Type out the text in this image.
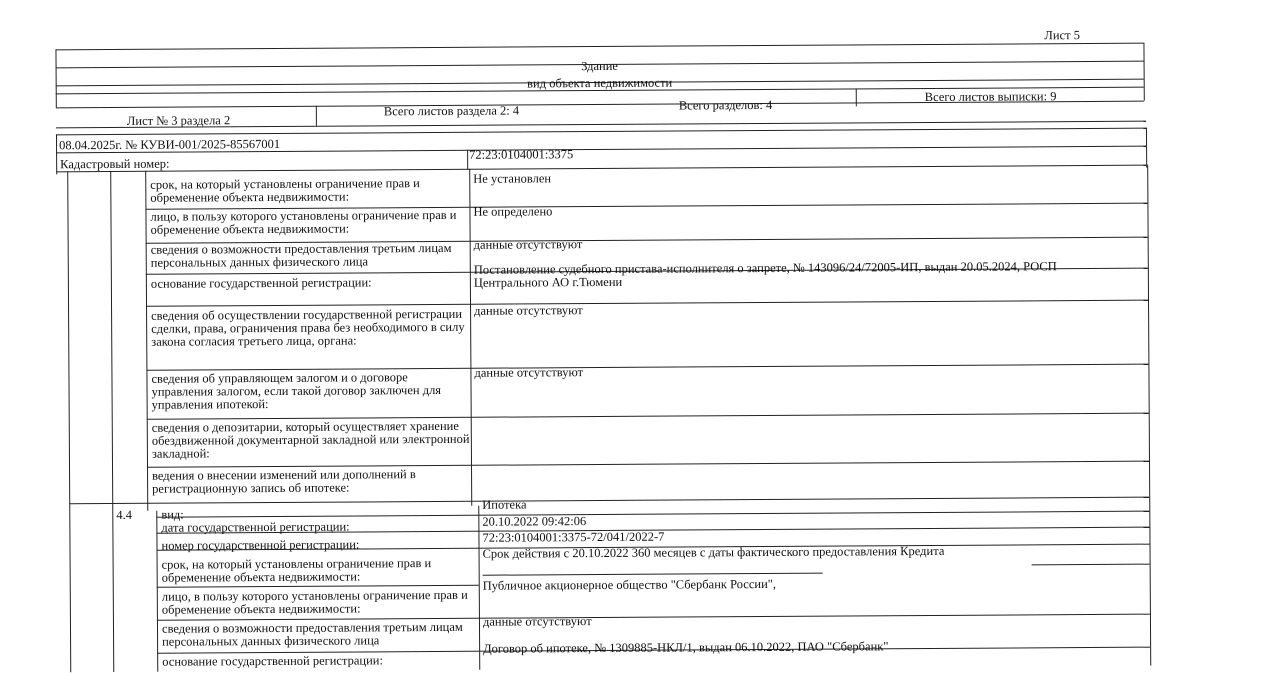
Лист 5
Здание
вид объекта недвижимости
Лист № 3 раздела 2
Всего листов раздела 2: 4	Всего разделов: 4
Всего листов выписки: 9
08.04.2025г. № КУВИ-001/2025-85567001
Кадастровый номер:
72:23:0104001:3375
срок, на который установлены ограничение прав и обременение объекта недвижимости:
Не установлен
лицо, в пользу которого установлены ограничение прав и обременение объекта недвижимости:
Не определено
сведения о возможности предоставления третьим лицам персональных данных физического лица
данные отсутствуют
основание государственной регистрации:
Постановление судебного пристава-исполнителя о запрете, № 143096/24/72005-ИП, выдан 20.05.2024, РОСП Центрального АО г.Тюмени
сведения об осуществлении государственной регистрации сделки, права, ограничения права без необходимого в силу закона согласия третьего лица, органа:
данные отсутствуют
сведения об управляющем залогом и о договоре управления залогом, если такой договор заключен для управления ипотекой:
данные отсутствуют
сведения о депозитарии, который осуществляет хранение обездвиженной документарной закладной или электронной закладной:
ведения о внесении изменений или дополнений в регистрационную запись об ипотеке:
4.4 вид:
Ипотека
дата государственной регистрации:	20.10.2022 09:42:06
номер государственной регистрации:
72:23:0104001:3375-72/041/2022-7
срок, на который установлены ограничение прав и обременение объекта недвижимости:
Срок действия с 20.10.2022 360 месяцев с даты фактического предоставления Кредита
лицо, в пользу которого установлены ограничение прав и обременение объекта недвижимости:
Публичное акционерное общество "Сбербанк России",
сведения о возможности предоставления третьим лицам персональных данных физического лица
данные отсутствуют
основание государственной регистрации:
Договор об ипотеке, № 1309885-НКЛ/1, выдан 06.10.2022, ПАО "Сбербанк"
